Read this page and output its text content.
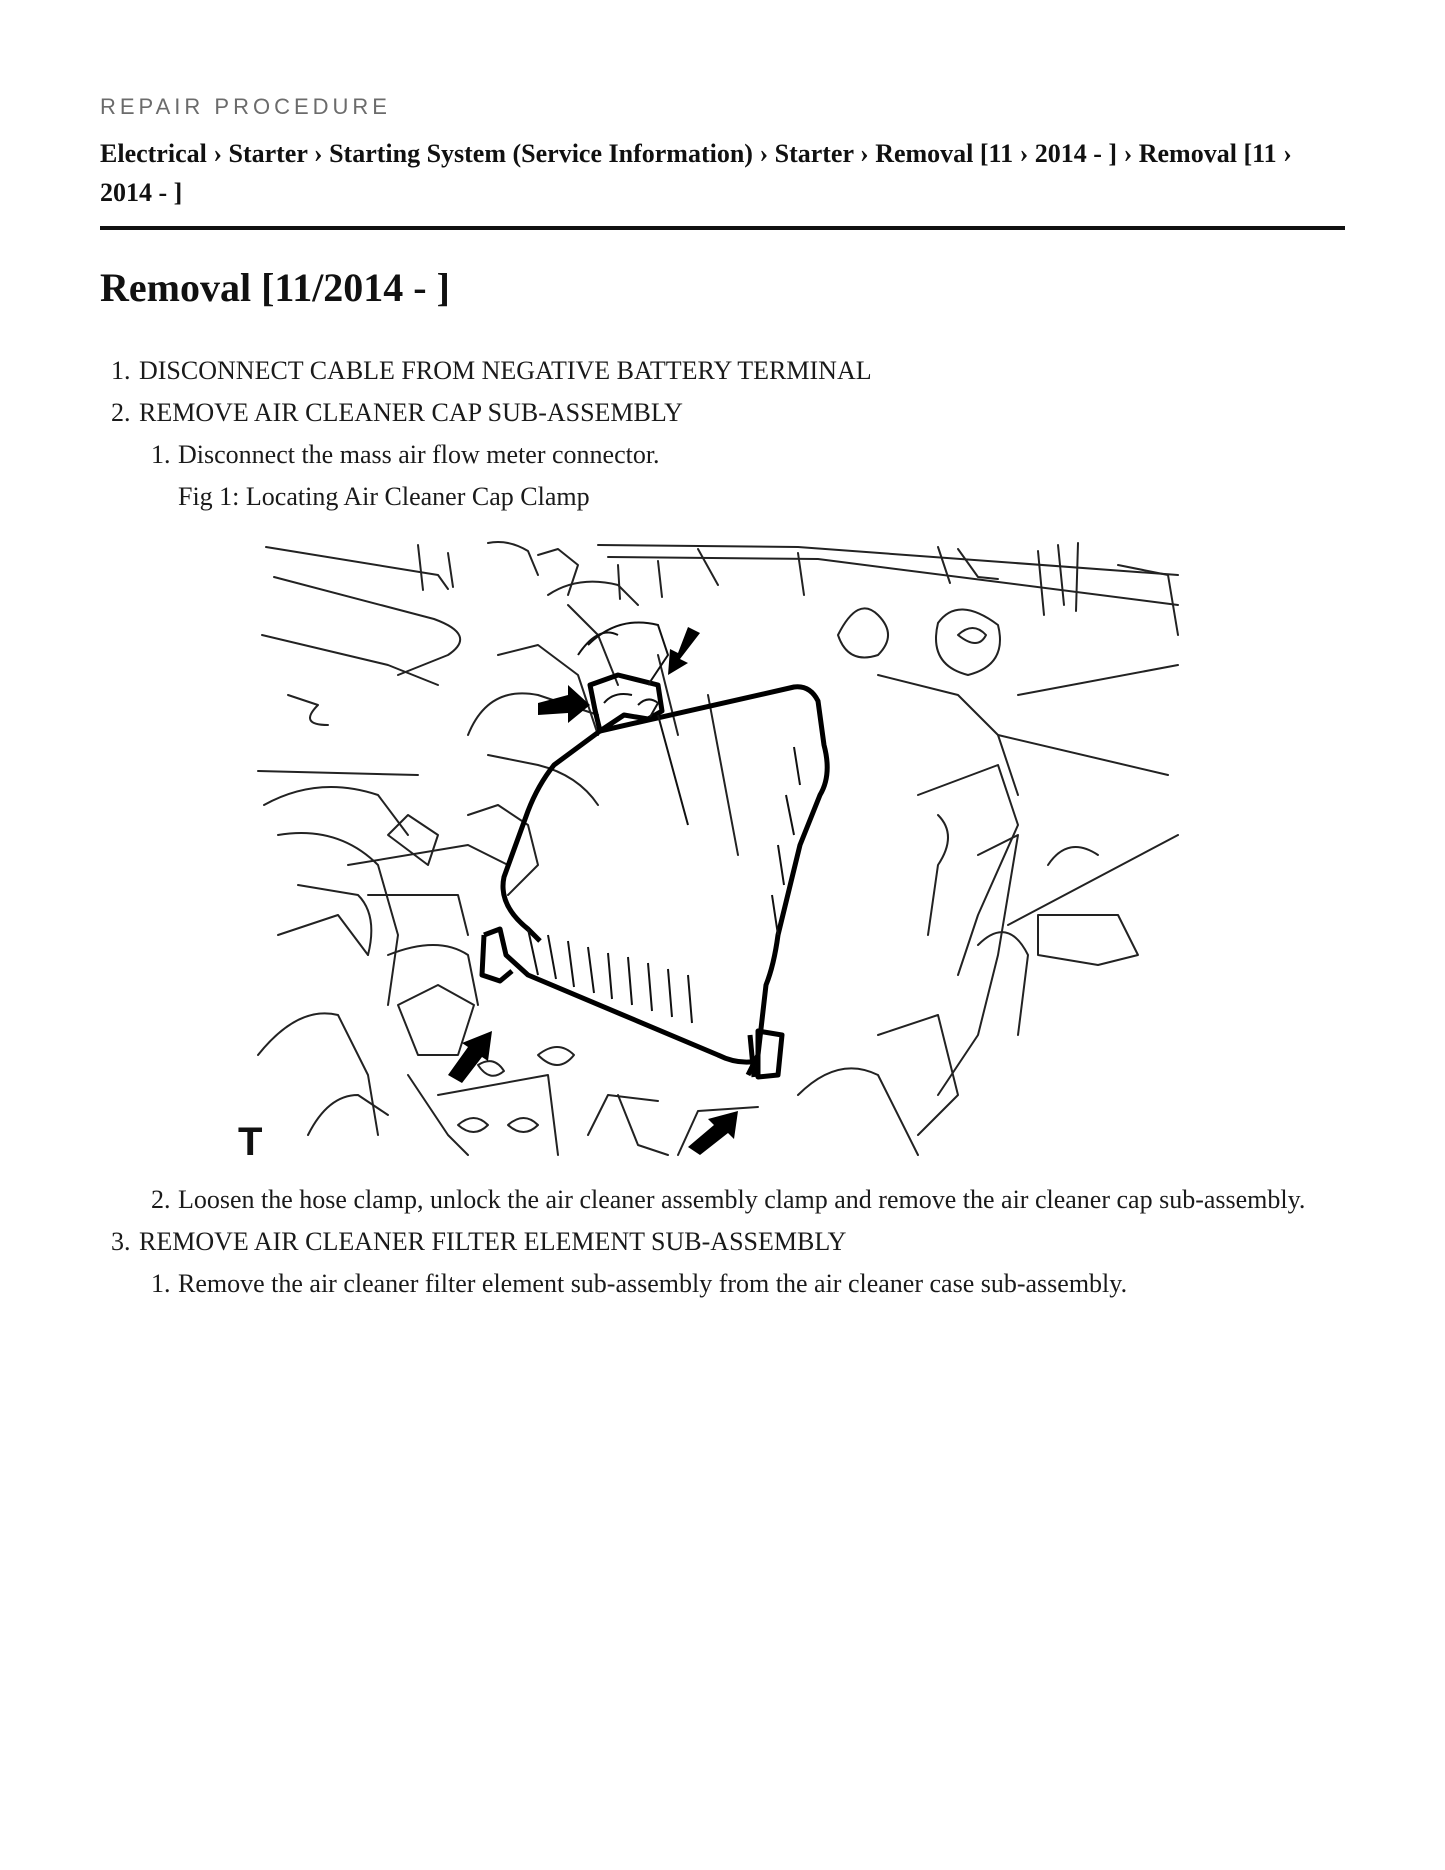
REPAIR PROCEDURE
Electrical › Starter › Starting System (Service Information) › Starter › Removal [11 › 2014 - ] › Removal [11 › 2014 - ]
Removal [11/2014 - ]
1. DISCONNECT CABLE FROM NEGATIVE BATTERY TERMINAL
2. REMOVE AIR CLEANER CAP SUB-ASSEMBLY
1. Disconnect the mass air flow meter connector.
Fig 1: Locating Air Cleaner Cap Clamp
T
2. Loosen the hose clamp, unlock the air cleaner assembly clamp and remove the air cleaner cap sub-assembly.
3. REMOVE AIR CLEANER FILTER ELEMENT SUB-ASSEMBLY
1. Remove the air cleaner filter element sub-assembly from the air cleaner case sub-assembly.
